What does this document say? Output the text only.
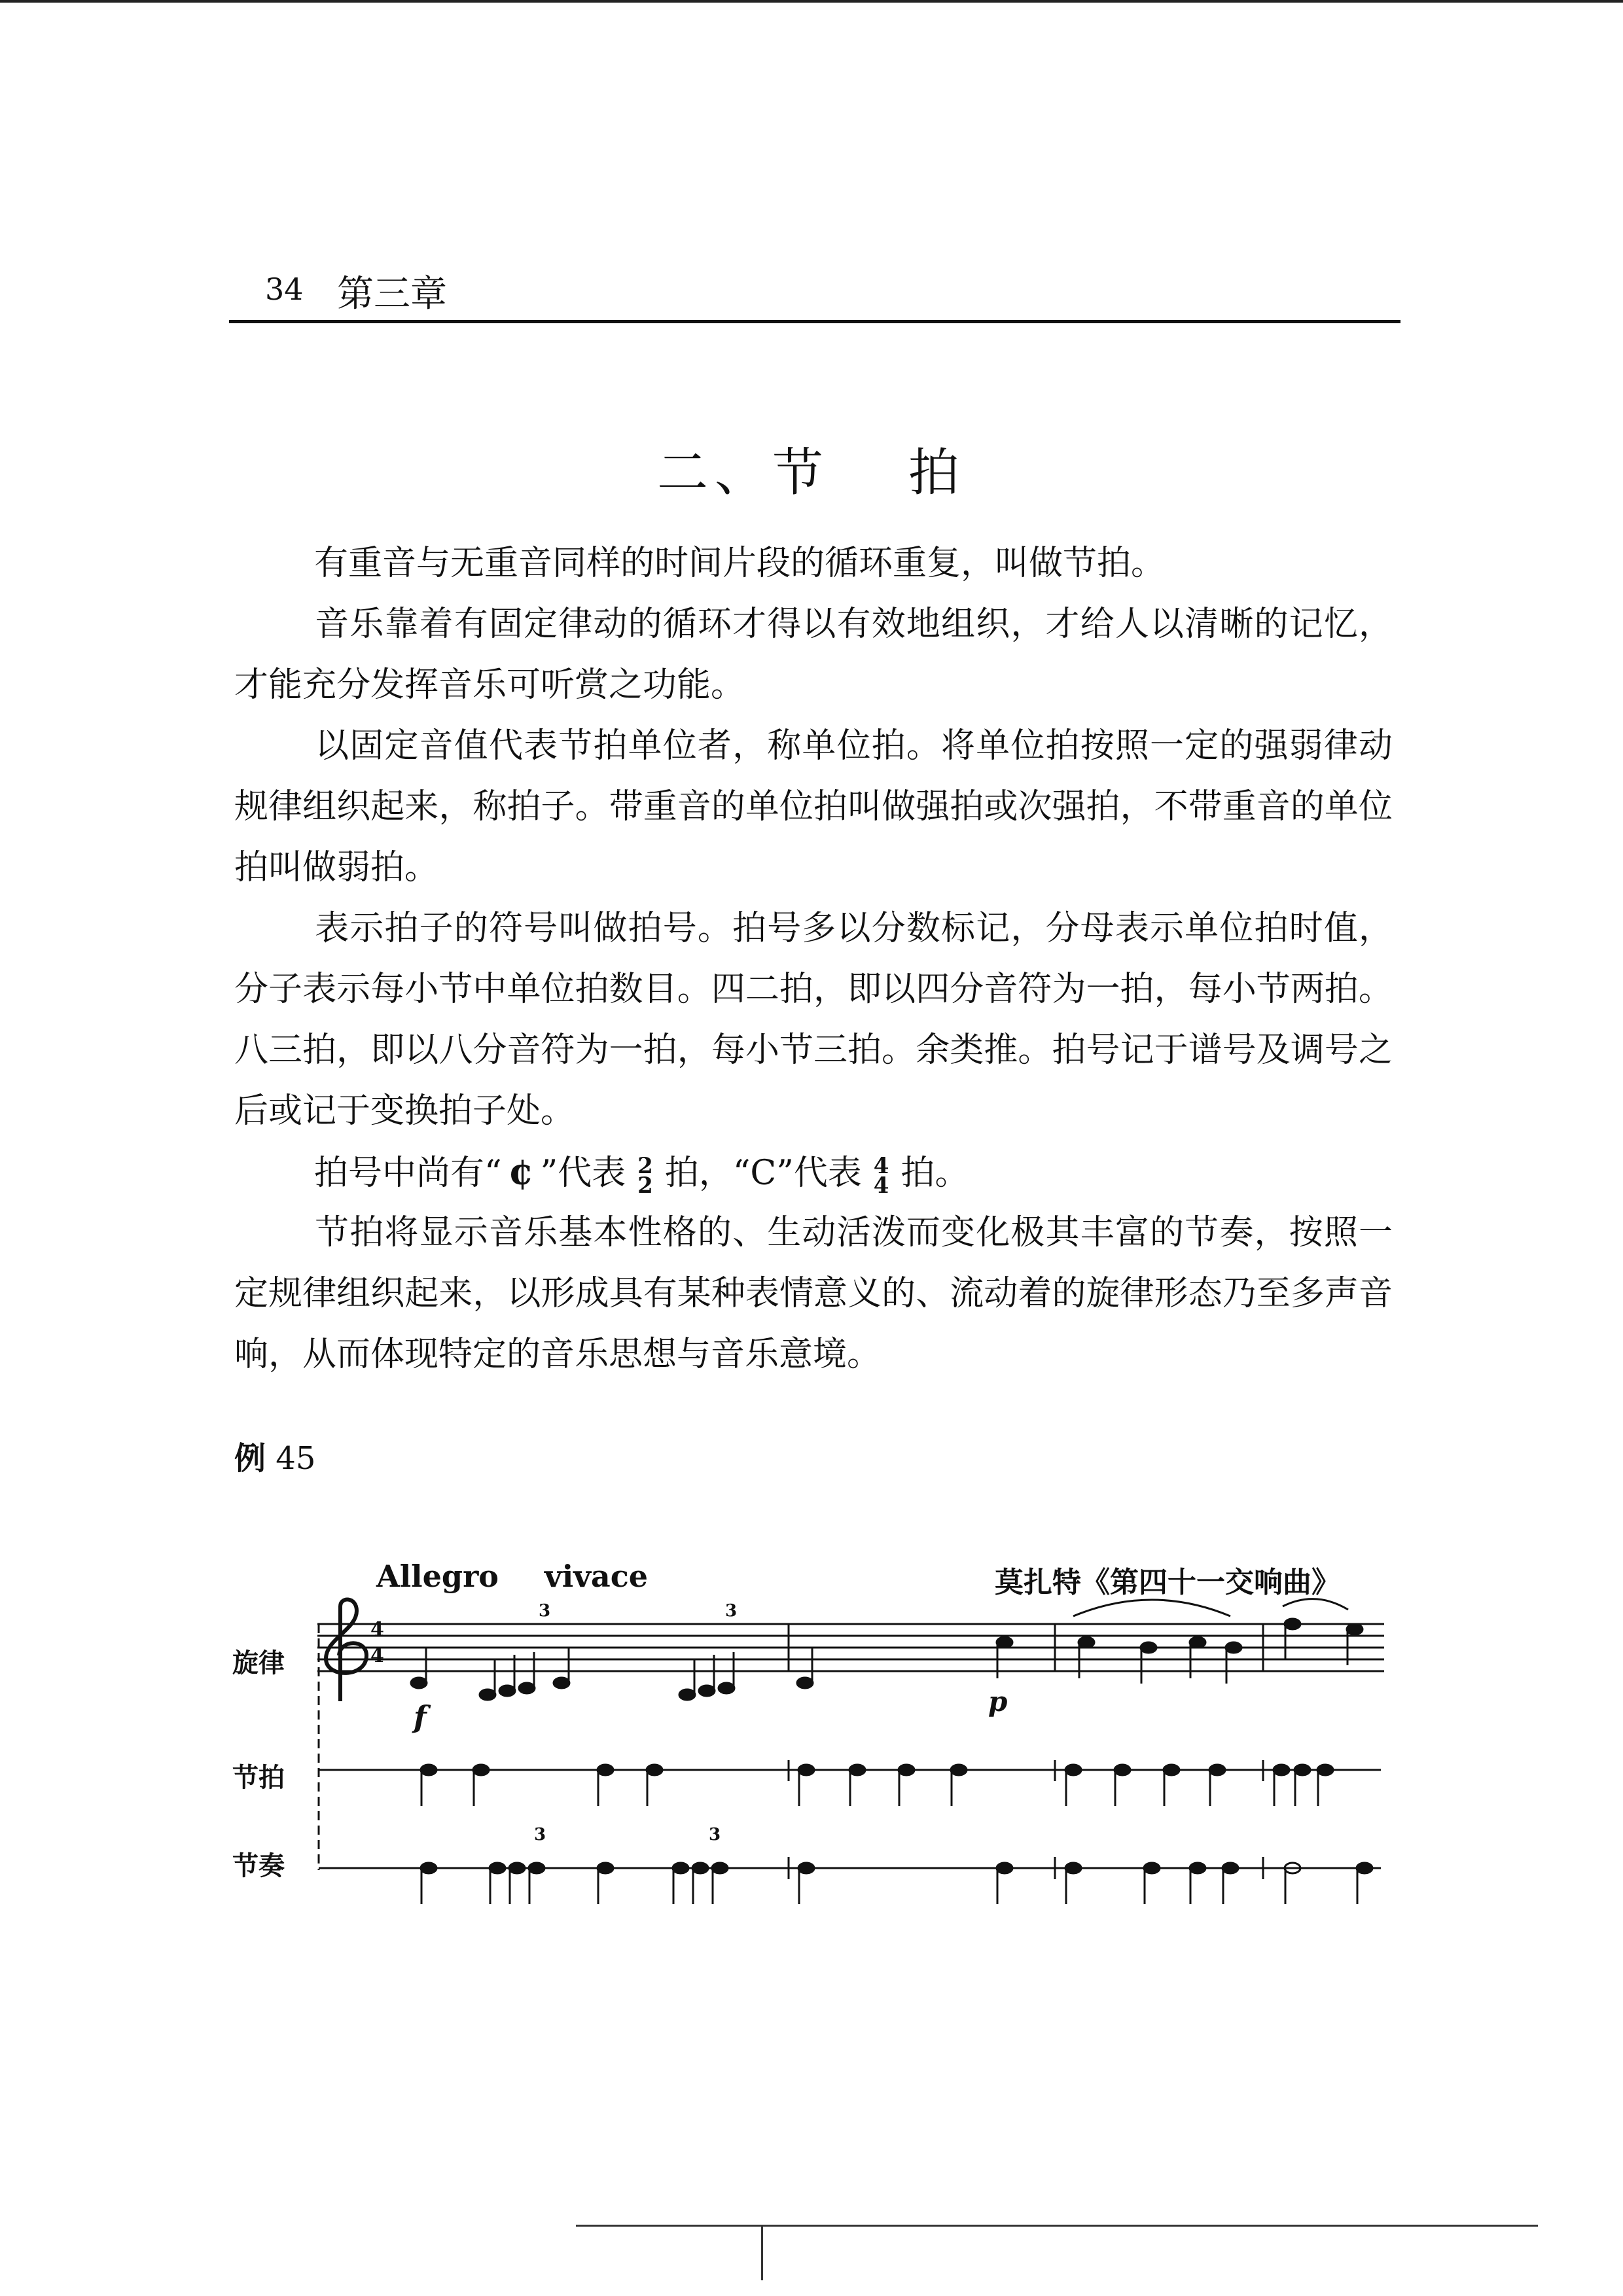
34 第三章
二、节 拍

有重音与无重音同样的时间片段的循环重复，叫做节拍。

音乐靠着有固定律动的循环才得以有效地组织，才给人以清晰的记忆，才能充分发挥音乐可听赏之功能。

以固定音值代表节拍单位者，称单位拍。将单位拍按照一定的强弱律动规律组织起来，称拍子。带重音的单位拍叫做强拍或次强拍，不带重音的单位拍叫做弱拍。

表示拍子的符号叫做拍号。拍号多以分数标记，分母表示单位拍时值，分子表示每小节中单位拍数目。四二拍，即以四分音符为一拍，每小节两拍。八三拍，即以八分音符为一拍，每小节三拍。余类推。拍号记于谱号及调号之后或记于变换拍子处。

拍号中尚有“ ¢ ”代表 2
2 拍，“C”代表 4
4 拍。

节拍将显示音乐基本性格的、生动活泼而变化极其丰富的节奏，按照一定规律组织起来，以形成具有某种表情意义的、流动着的旋律形态乃至多声音响，从而体现特定的音乐思想与音乐意境。

例 45
Allegro vivace	莫扎特《第四十一交响曲》
旋律
节拍
节奏
4
4
f	p
3	3
3	3
